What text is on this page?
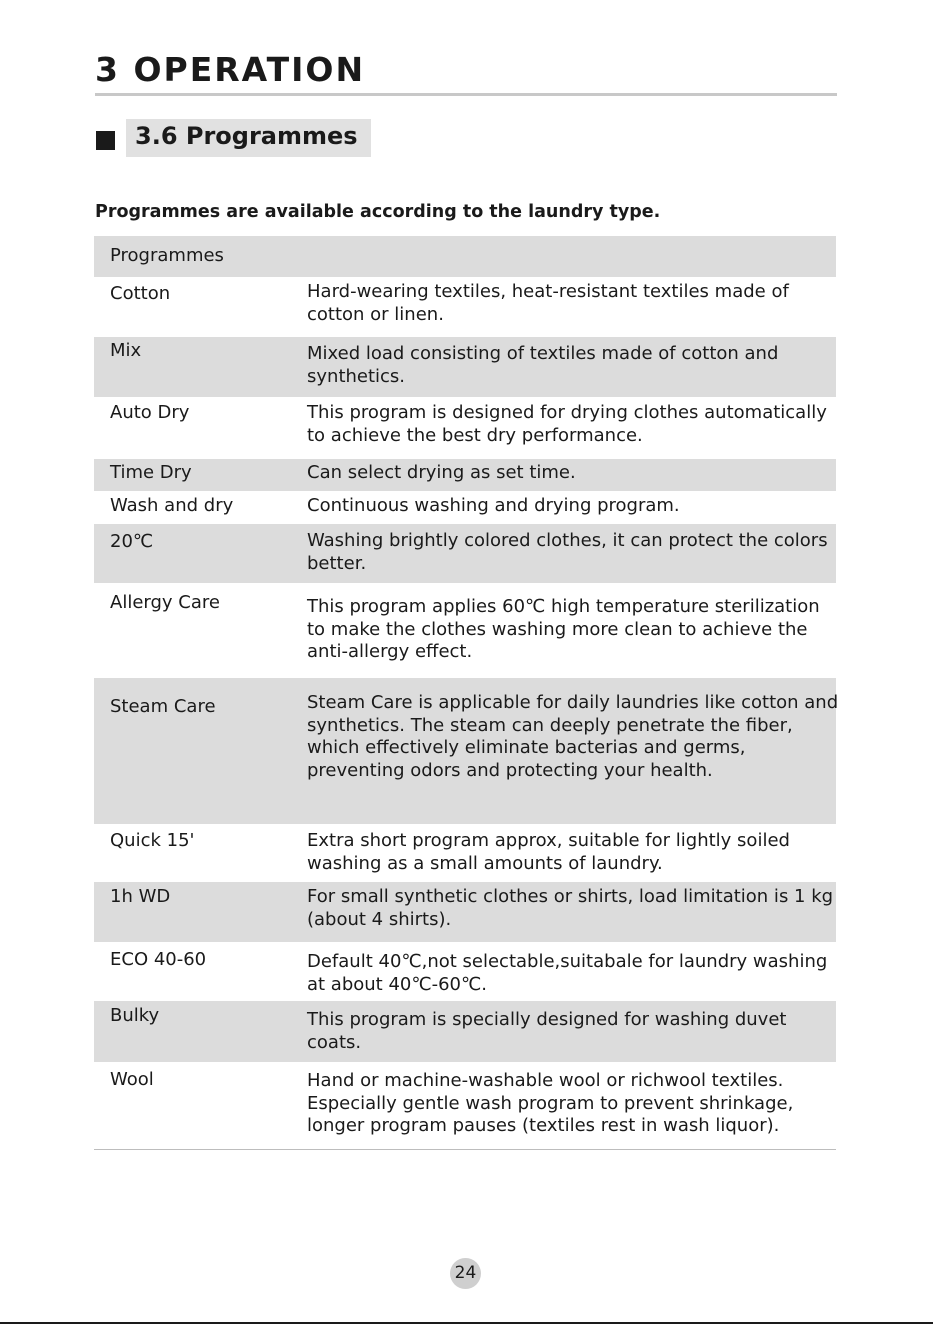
3 OPERATION
3.6 Programmes
Programmes are available according to the laundry type.
Programmes
Cotton	Hard-wearing textiles, heat-resistant textiles made of cotton or linen.
Mix	Mixed load consisting of textiles made of cotton and synthetics.
Auto Dry	This program is designed for drying clothes automatically to achieve the best dry performance.
Time Dry	Can select drying as set time.
Wash and dry	Continuous washing and drying program.
20℃	Washing brightly colored clothes, it can protect the colors better.
Allergy Care	This program applies 60℃ high temperature sterilization to make the clothes washing more clean to achieve the anti-allergy effect.
Steam Care	Steam Care is applicable for daily laundries like cotton and synthetics. The steam can deeply penetrate the fiber, which effectively eliminate bacterias and germs, preventing odors and protecting your health.
Quick 15'	Extra short program approx, suitable for lightly soiled washing as a small amounts of laundry.
1h WD	For small synthetic clothes or shirts, load limitation is 1 kg (about 4 shirts).
ECO 40-60	Default 40℃,not selectable,suitabale for laundry washing at about 40℃-60℃.
Bulky	This program is specially designed for washing duvet coats.
Wool	Hand or machine-washable wool or richwool textiles. Especially gentle wash program to prevent shrinkage, longer program pauses (textiles rest in wash liquor).
24
